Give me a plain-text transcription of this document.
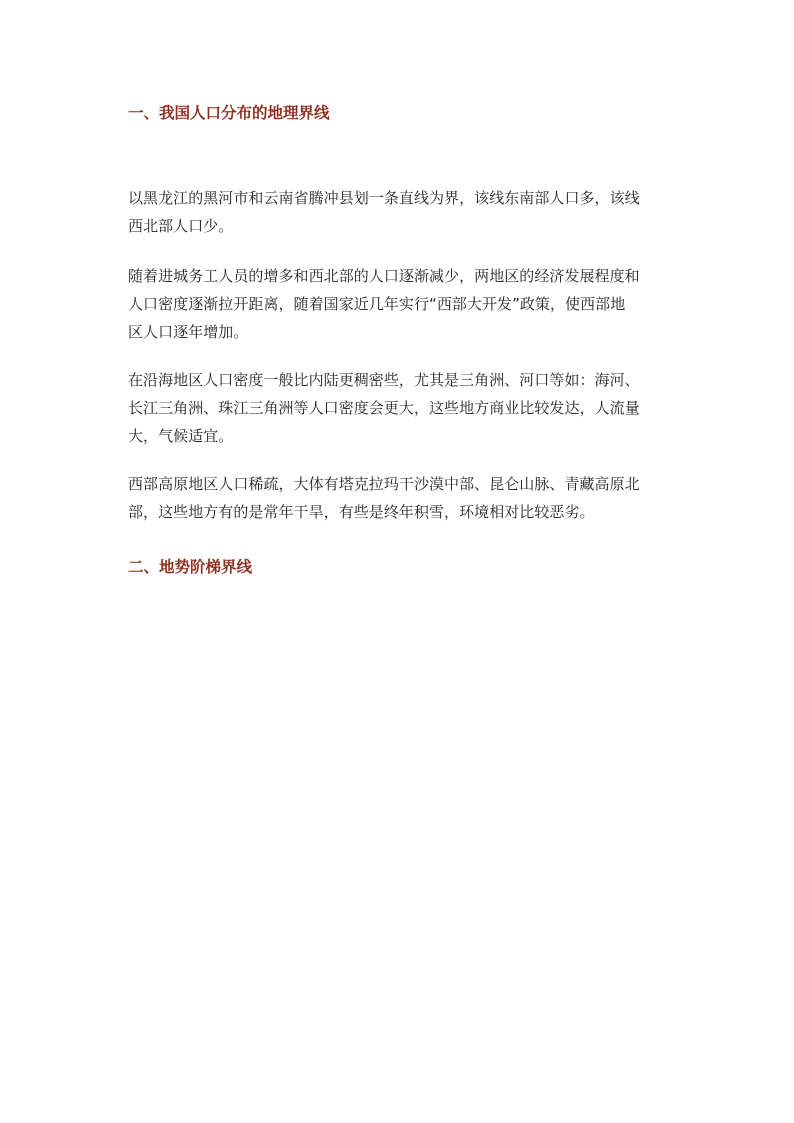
一、我国人口分布的地理界线

以黑龙江的黑河市和云南省腾冲县划一条直线为界，该线东南部人口多，该线
西北部人口少。

随着进城务工人员的增多和西北部的人口逐渐减少，两地区的经济发展程度和
人口密度逐渐拉开距离，随着国家近几年实行“西部大开发”政策，使西部地
区人口逐年增加。

在沿海地区人口密度一般比内陆更稠密些，尤其是三角洲、河口等如：海河、
长江三角洲、珠江三角洲等人口密度会更大，这些地方商业比较发达，人流量
大，气候适宜。

西部高原地区人口稀疏，大体有塔克拉玛干沙漠中部、昆仑山脉、青藏高原北
部，这些地方有的是常年干旱，有些是终年积雪，环境相对比较恶劣。

二、地势阶梯界线
